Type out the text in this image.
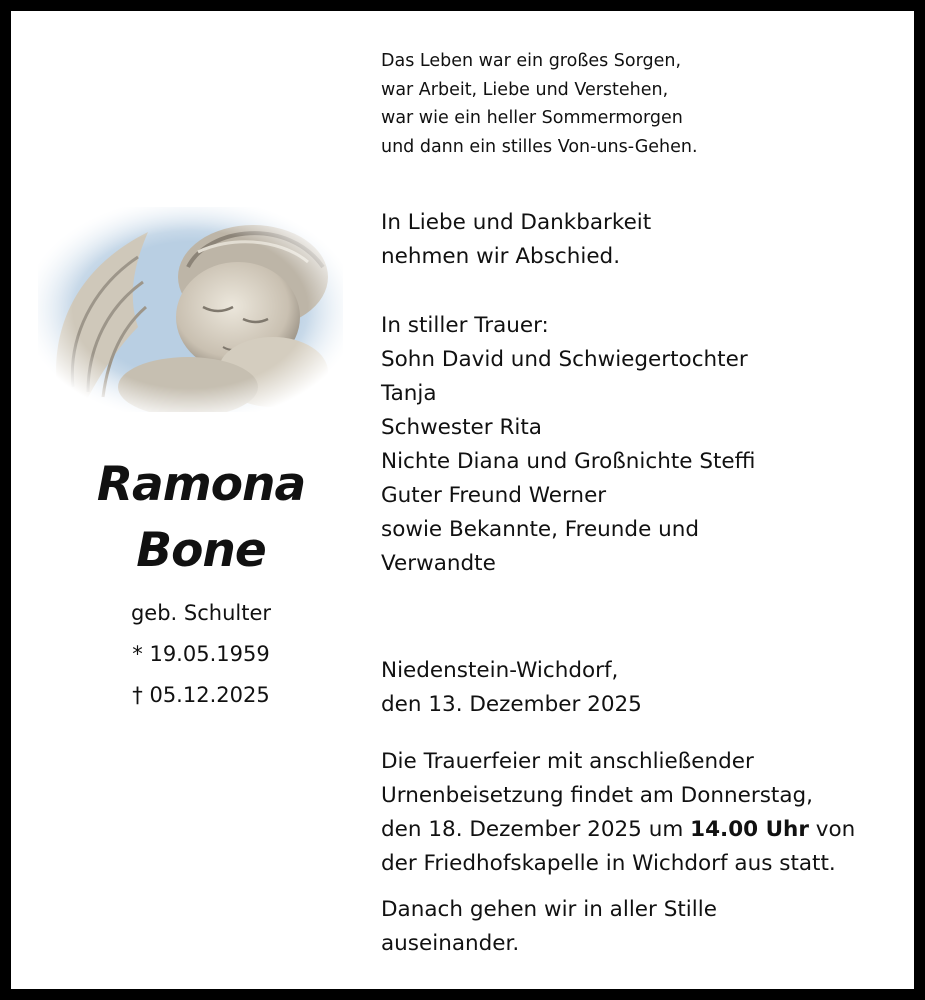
Das Leben war ein großes Sorgen,
war Arbeit, Liebe und Verstehen,
war wie ein heller Sommermorgen
und dann ein stilles Von-uns-Gehen.
Ramona
Bone
geb. Schulter
* 19.05.1959
† 05.12.2025
In Liebe und Dankbarkeit
nehmen wir Abschied.
In stiller Trauer:
Sohn David und Schwiegertochter
Tanja
Schwester Rita
Nichte Diana und Großnichte Steffi
Guter Freund Werner
sowie Bekannte, Freunde und
Verwandte
Niedenstein-Wichdorf,
den 13. Dezember 2025
Die Trauerfeier mit anschließender
Urnenbeisetzung findet am Donnerstag,
den 18. Dezember 2025 um 14.00 Uhr von
der Friedhofskapelle in Wichdorf aus statt.
Danach gehen wir in aller Stille
auseinander.
